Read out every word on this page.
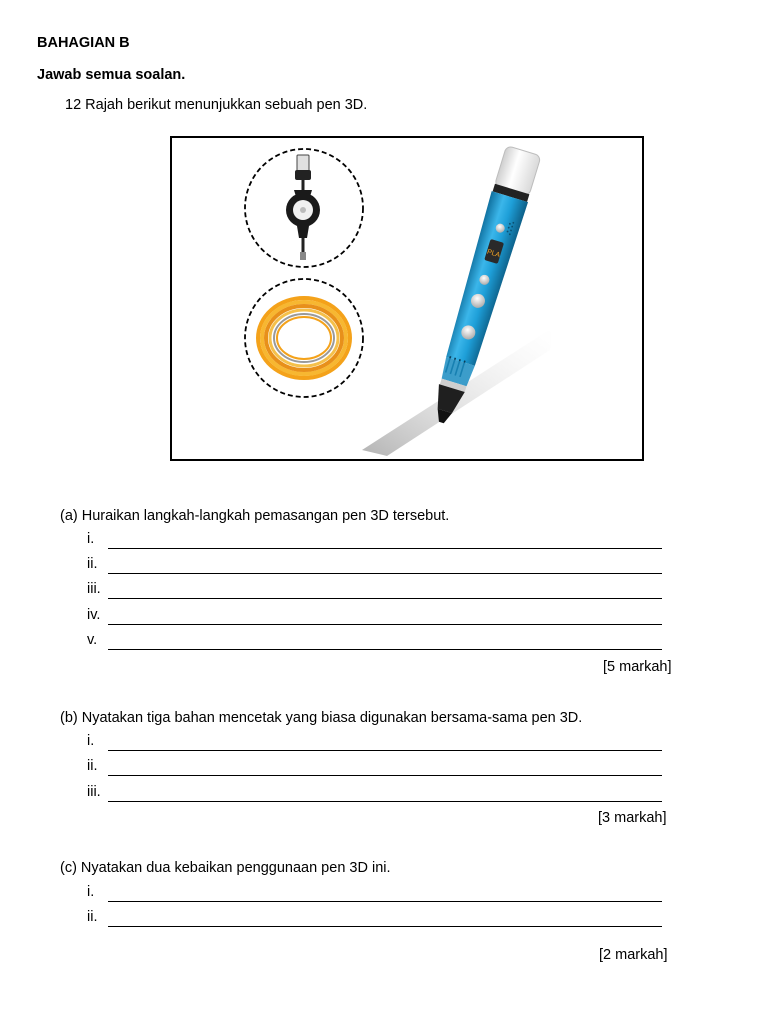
BAHAGIAN B
Jawab semua soalan.
12 Rajah berikut menunjukkan sebuah pen 3D.
PLA
(a) Huraikan langkah-langkah pemasangan pen 3D tersebut.
i.
ii.
iii.
iv.
v.
[5 markah]
(b) Nyatakan tiga bahan mencetak yang biasa digunakan bersama-sama pen 3D.
i.
ii.
iii.
[3 markah]
(c) Nyatakan dua kebaikan penggunaan pen 3D ini.
i.
ii.
[2 markah]
